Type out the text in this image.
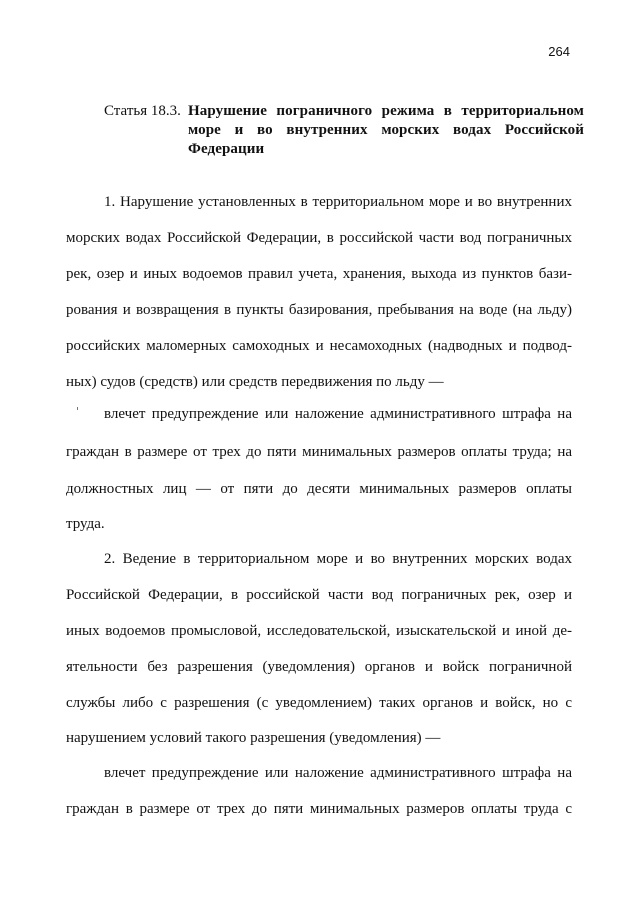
264
Статья 18.3. Нарушение пограничного режима в территориальном море и во внутренних морских водах Российской Федерации
1. Нарушение установленных в территориальном море и во внутренних
морских водах Российской Федерации, в российской части вод пограничных
рек, озер и иных водоемов правил учета, хранения, выхода из пунктов бази-
рования и возвращения в пункты базирования, пребывания на воде (на льду)
российских маломерных самоходных и несамоходных (надводных и подвод-
ных) судов (средств) или средств передвижения по льду —
влечет предупреждение или наложение административного штрафа на
граждан в размере от трех до пяти минимальных размеров оплаты труда; на
должностных лиц — от пяти до десяти минимальных размеров оплаты
труда.
2. Ведение в территориальном море и во внутренних морских водах
Российской Федерации, в российской части вод пограничных рек, озер и
иных водоемов промысловой, исследовательской, изыскательской и иной де-
ятельности без разрешения (уведомления) органов и войск пограничной
службы либо с разрешения (с уведомлением) таких органов и войск, но с
нарушением условий такого разрешения (уведомления) —
влечет предупреждение или наложение административного штрафа на
граждан в размере от трех до пяти минимальных размеров оплаты труда с
